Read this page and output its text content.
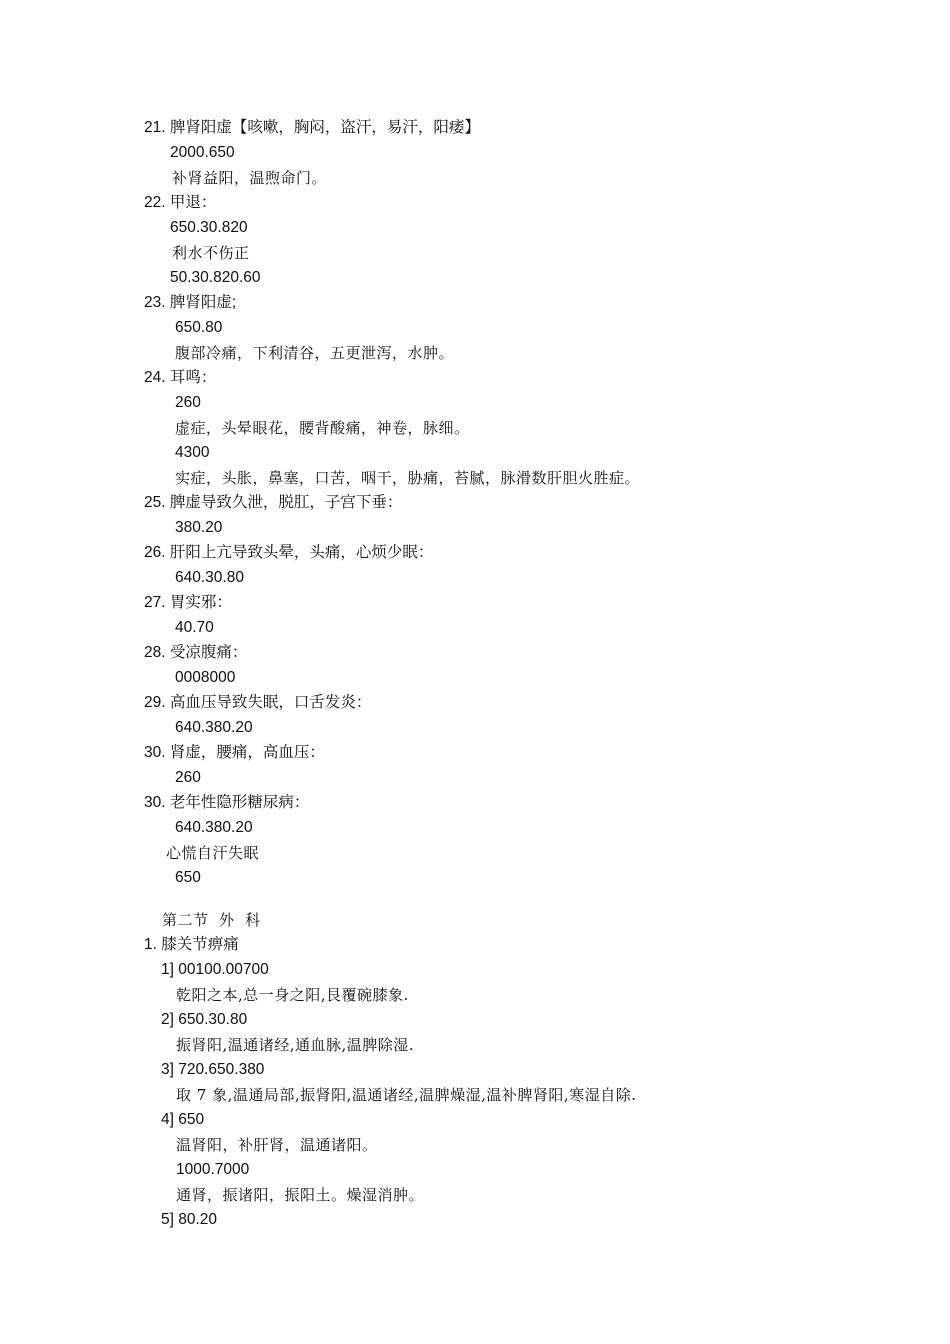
21. 脾肾阳虚【咳嗽，胸闷，盗汗，易汗，阳痿】
2000.650
补肾益阳，温煦命门。
22. 甲退：
650.30.820
利水不伤正
50.30.820.60
23. 脾肾阳虚;
650.80
腹部冷痛，下利清谷，五更泄泻，水肿。
24. 耳鸣：
260
虚症，头晕眼花，腰背酸痛，神卷，脉细。
4300
实症，头胀，鼻塞，口苦，咽干，胁痛，苔腻，脉滑数肝胆火胜症。
25. 脾虚导致久泄，脱肛，子宫下垂：
380.20
26. 肝阳上亢导致头晕，头痛，心烦少眠：
640.30.80
27. 胃实邪：
40.70
28. 受凉腹痛：
0008000
29. 高血压导致失眠，口舌发炎：
640.380.20
30. 肾虚，腰痛，高血压：
260
30. 老年性隐形糖尿病：
640.380.20
心慌自汗失眠
650
第二节  外  科
1. 膝关节痹痛
1] 00100.00700
乾阳之本,总一身之阳,艮覆碗膝象.
2] 650.30.80
振肾阳,温通诸经,通血脉,温脾除湿.
3] 720.650.380
取 7 象,温通局部,振肾阳,温通诸经,温脾燥湿,温补脾肾阳,寒湿自除.
4] 650
温肾阳，补肝肾，温通诸阳。
1000.7000
通肾，振诸阳，振阳土。燥湿消肿。
5] 80.20
